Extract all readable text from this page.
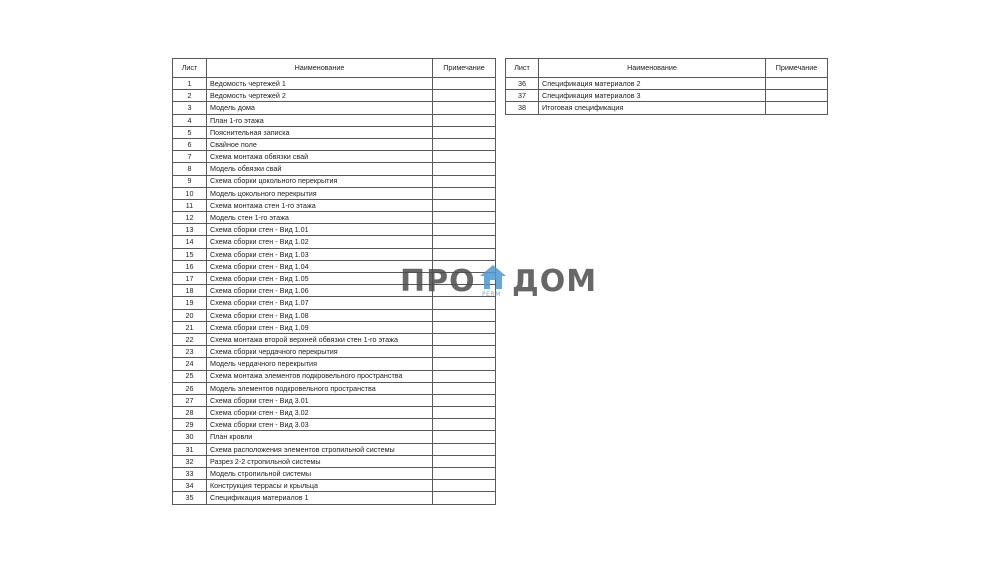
Лист	Наименование	Примечание
1	Ведомость чертежей 1	
2	Ведомость чертежей 2	
3	Модель дома	
4	План 1-го этажа	
5	Пояснительная записка	
6	Свайное поле	
7	Схема монтажа обвязки свай	
8	Модель обвязки свай	
9	Схема сборки цокольного перекрытия	
10	Модель цокольного перекрытия	
11	Схема монтажа стен 1-го этажа	
12	Модель стен 1-го этажа	
13	Схема сборки стен - Вид 1.01	
14	Схема сборки стен - Вид 1.02	
15	Схема сборки стен - Вид 1.03	
16	Схема сборки стен - Вид 1.04	
17	Схема сборки стен - Вид 1.05	
18	Схема сборки стен - Вид 1.06	
19	Схема сборки стен - Вид 1.07	
20	Схема сборки стен - Вид 1.08	
21	Схема сборки стен - Вид 1.09	
22	Схема монтажа второй верхней обвязки стен 1-го этажа	
23	Схема сборки чердачного перекрытия	
24	Модель чердачного перекрытия	
25	Схема монтажа элементов подкровельного пространства	
26	Модель элементов подкровельного пространства	
27	Схема сборки стен - Вид 3.01	
28	Схема сборки стен - Вид 3.02	
29	Схема сборки стен - Вид 3.03	
30	План кровли	
31	Схема расположения элементов стропильной системы	
32	Разрез 2-2 стропильной системы	
33	Модель стропильной системы	
34	Конструкция террасы и крыльца	
35	Спецификация материалов 1	
Лист	Наименование	Примечание
36	Спецификация материалов 2	
37	Спецификация материалов 3	
38	Итоговая спецификация	
ПРО PERM ДОМ
